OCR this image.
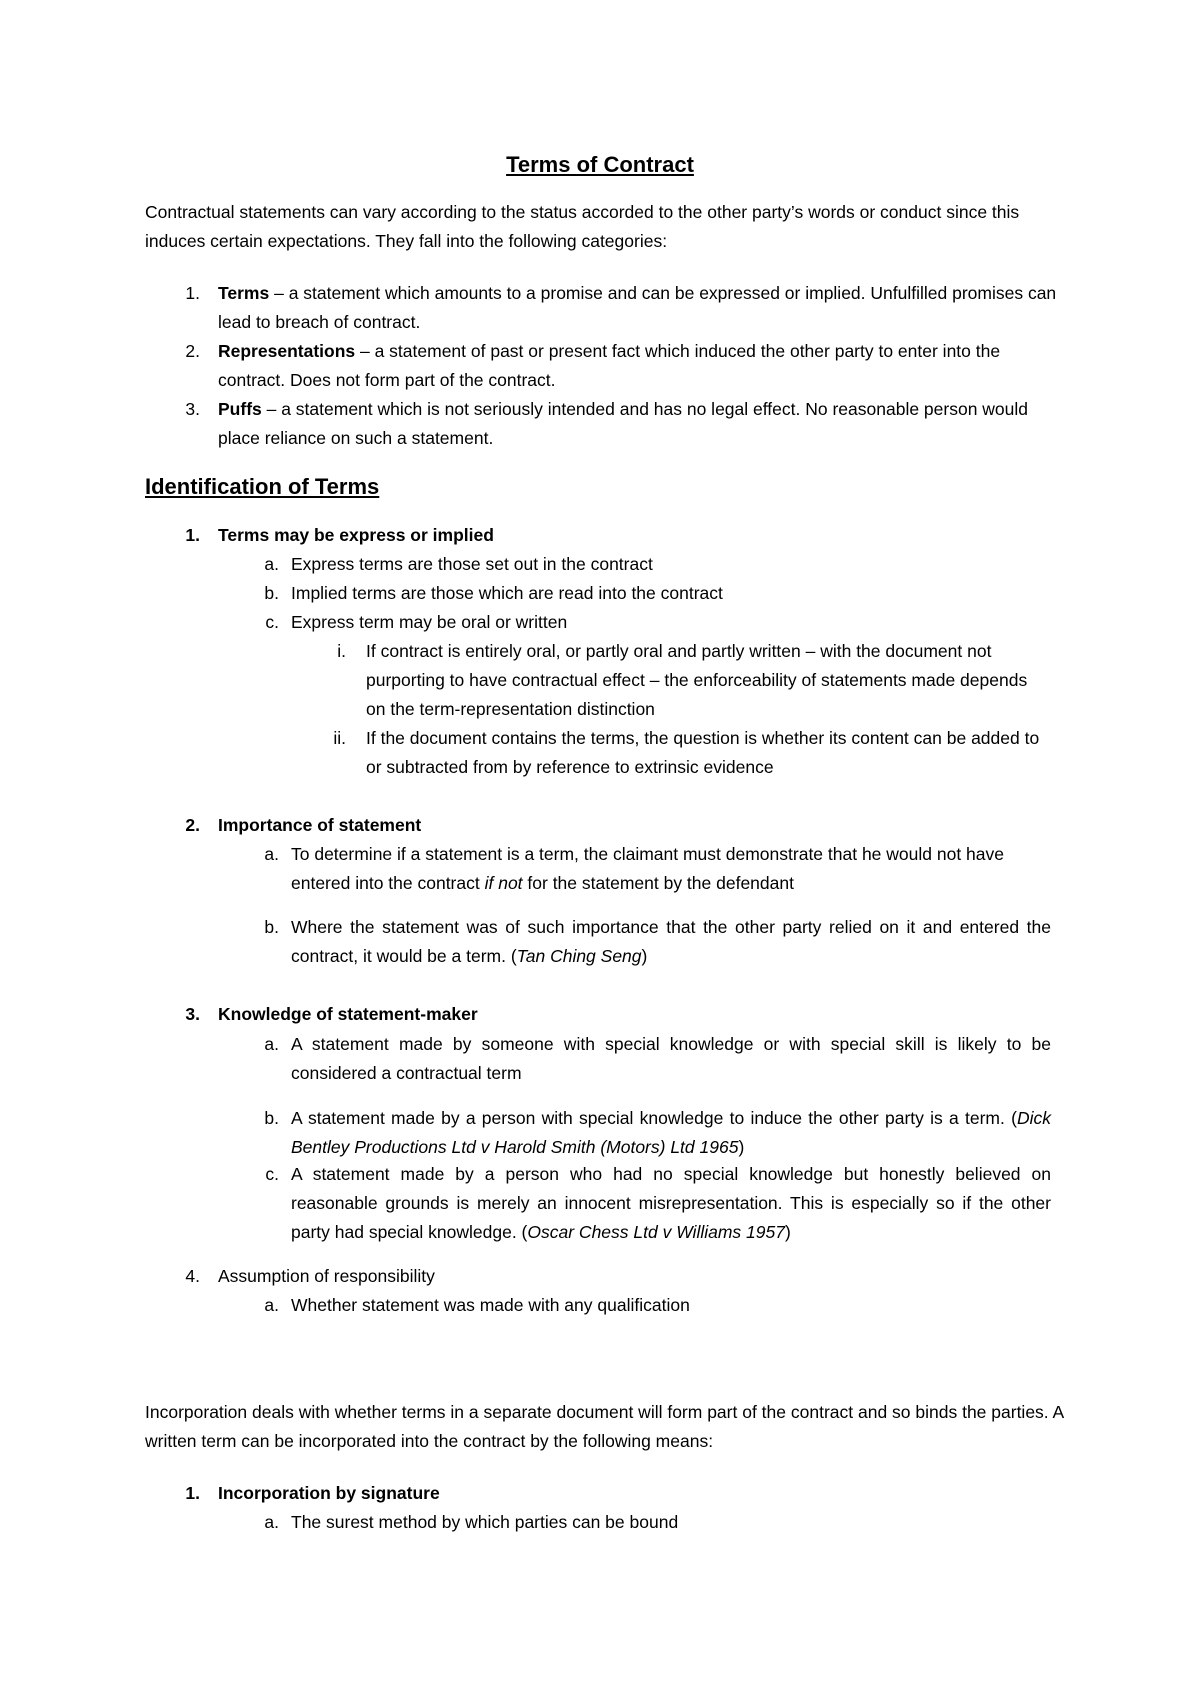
Terms of Contract
Contractual statements can vary according to the status accorded to the other party’s words or conduct since this induces certain expectations. They fall into the following categories:
1. Terms – a statement which amounts to a promise and can be expressed or implied. Unfulfilled promises can lead to breach of contract.
2. Representations – a statement of past or present fact which induced the other party to enter into the contract. Does not form part of the contract.
3. Puffs – a statement which is not seriously intended and has no legal effect. No reasonable person would place reliance on such a statement.
Identification of Terms
1. Terms may be express or implied
a. Express terms are those set out in the contract
b. Implied terms are those which are read into the contract
c. Express term may be oral or written
i. If contract is entirely oral, or partly oral and partly written – with the document not purporting to have contractual effect – the enforceability of statements made depends on the term-representation distinction
ii. If the document contains the terms, the question is whether its content can be added to or subtracted from by reference to extrinsic evidence
2. Importance of statement
a. To determine if a statement is a term, the claimant must demonstrate that he would not have entered into the contract if not for the statement by the defendant
b. Where the statement was of such importance that the other party relied on it and entered the contract, it would be a term. (Tan Ching Seng)
3. Knowledge of statement-maker
a. A statement made by someone with special knowledge or with special skill is likely to be considered a contractual term
b. A statement made by a person with special knowledge to induce the other party is a term. (Dick Bentley Productions Ltd v Harold Smith (Motors) Ltd 1965)
c. A statement made by a person who had no special knowledge but honestly believed on reasonable grounds is merely an innocent misrepresentation. This is especially so if the other party had special knowledge. (Oscar Chess Ltd v Williams 1957)
4. Assumption of responsibility
a. Whether statement was made with any qualification
Incorporation deals with whether terms in a separate document will form part of the contract and so binds the parties. A written term can be incorporated into the contract by the following means:
1. Incorporation by signature
a. The surest method by which parties can be bound
